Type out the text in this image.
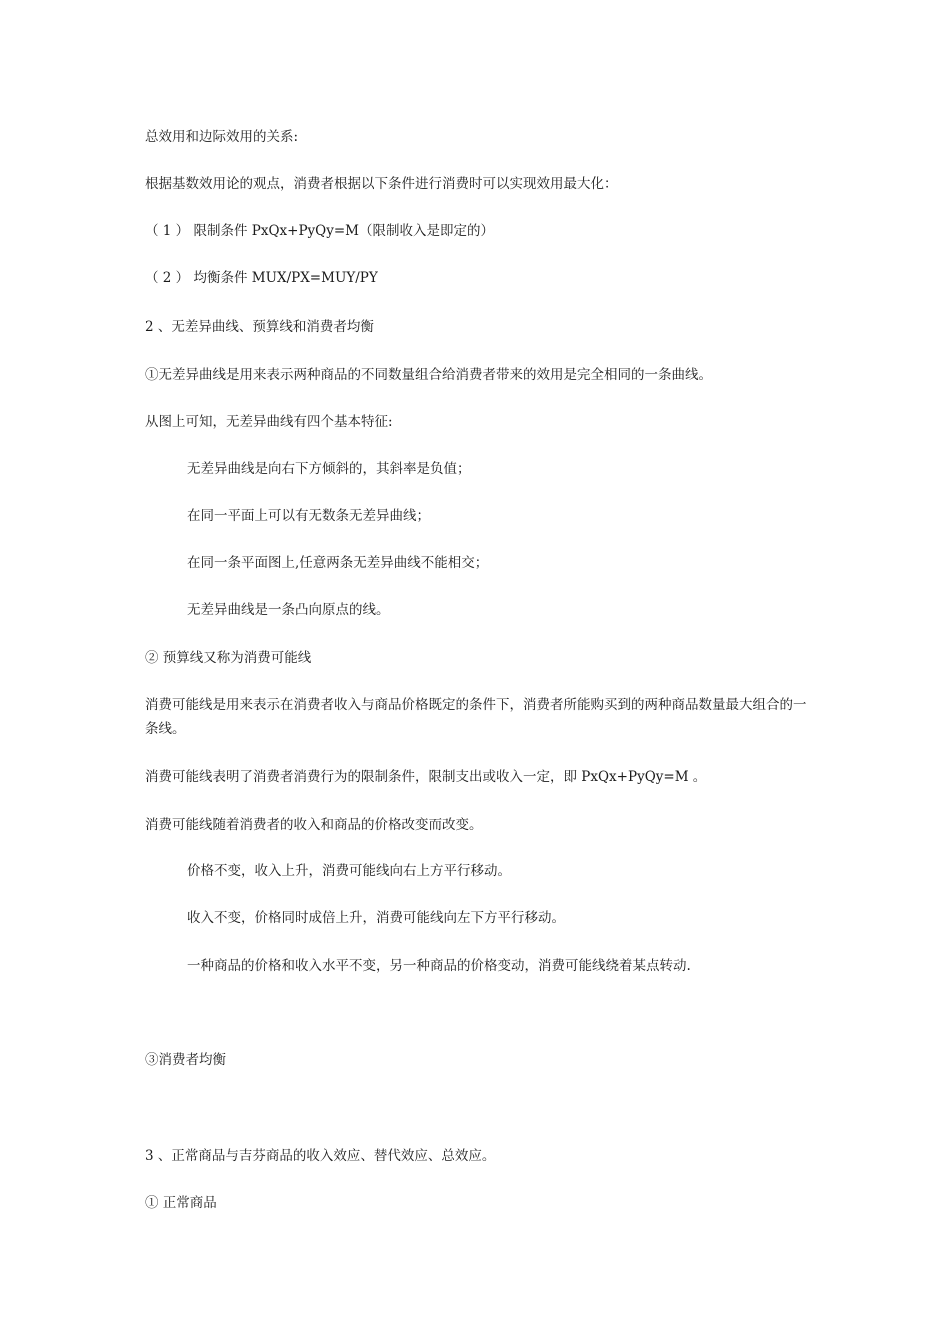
总效用和边际效用的关系:
根据基数效用论的观点，消费者根据以下条件进行消费时可以实现效用最大化：
（ 1 ） 限制条件 PxQx+PyQy=M（限制收入是即定的）
（ 2 ） 均衡条件 MUX/PX=MUY/PY
2 、无差异曲线、预算线和消费者均衡
①无差异曲线是用来表示两种商品的不同数量组合给消费者带来的效用是完全相同的一条曲线。
从图上可知，无差异曲线有四个基本特征:
无差异曲线是向右下方倾斜的，其斜率是负值；
在同一平面上可以有无数条无差异曲线；
在同一条平面图上,任意两条无差异曲线不能相交；
无差异曲线是一条凸向原点的线。
② 预算线又称为消费可能线
消费可能线是用来表示在消费者收入与商品价格既定的条件下，消费者所能购买到的两种商品数量最大组合的一条线。
消费可能线表明了消费者消费行为的限制条件，限制支出或收入一定，即 PxQx+PyQy=M 。
消费可能线随着消费者的收入和商品的价格改变而改变。
价格不变，收入上升，消费可能线向右上方平行移动。
收入不变，价格同时成倍上升，消费可能线向左下方平行移动。
一种商品的价格和收入水平不变，另一种商品的价格变动，消费可能线绕着某点转动.
③消费者均衡
3 、正常商品与吉芬商品的收入效应、替代效应、总效应。
① 正常商品
